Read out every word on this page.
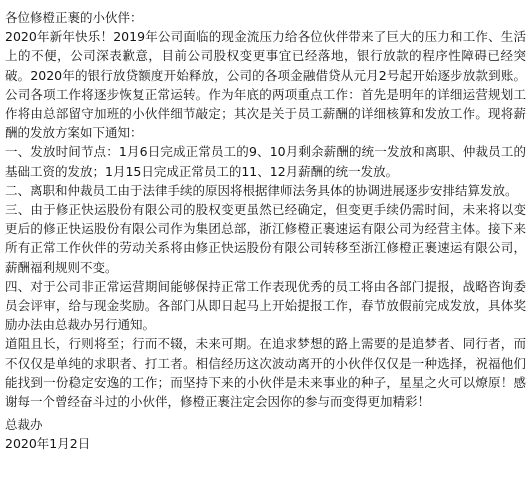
各位修橙正裹的小伙伴：

2020年新年快乐！2019年公司面临的现金流压力给各位伙伴带来了巨大的压力和工作、生活上的不便，公司深表歉意，目前公司股权变更事宜已经落地，银行放款的程序性障碍已经突破。2020年的银行放贷额度开始释放，公司的各项金融借贷从元月2号起开始逐步放款到账。公司各项工作将逐步恢复正常运转。作为年底的两项重点工作：首先是明年的详细运营规划工作将由总部留守加班的小伙伴细节敲定；其次是关于员工薪酬的详细核算和发放工作。现将薪酬的发放方案如下通知：

一、发放时间节点：1月6日完成正常员工的9、10月剩余薪酬的统一发放和离职、仲裁员工的基础工资的发放；1月15日完成正常员工的11、12月薪酬的统一发放。

二、离职和仲裁员工由于法律手续的原因将根据律师法务具体的协调进展逐步安排结算发放。

三、由于修正快运股份有限公司的股权变更虽然已经确定，但变更手续仍需时间，未来将以变更后的修正快运股份有限公司作为集团总部，浙江修橙正裹速运有限公司为经营主体。接下来所有正常工作伙伴的劳动关系将由修正快运股份有限公司转移至浙江修橙正裹速运有限公司，薪酬福利规则不变。

四、对于公司非正常运营期间能够保持正常工作表现优秀的员工将由各部门提报，战略咨询委员会评审，给与现金奖励。各部门从即日起马上开始提报工作，春节放假前完成发放，具体奖励办法由总裁办另行通知。

道阻且长，行则将至；行而不辍，未来可期。在追求梦想的路上需要的是追梦者、同行者，而不仅仅是单纯的求职者、打工者。相信经历这次波动离开的小伙伴仅仅是一种选择，祝福他们能找到一份稳定安逸的工作；而坚持下来的小伙伴是未来事业的种子，星星之火可以燎原！感谢每一个曾经奋斗过的小伙伴，修橙正裹注定会因你的参与而变得更加精彩！

总裁办

2020年1月2日
